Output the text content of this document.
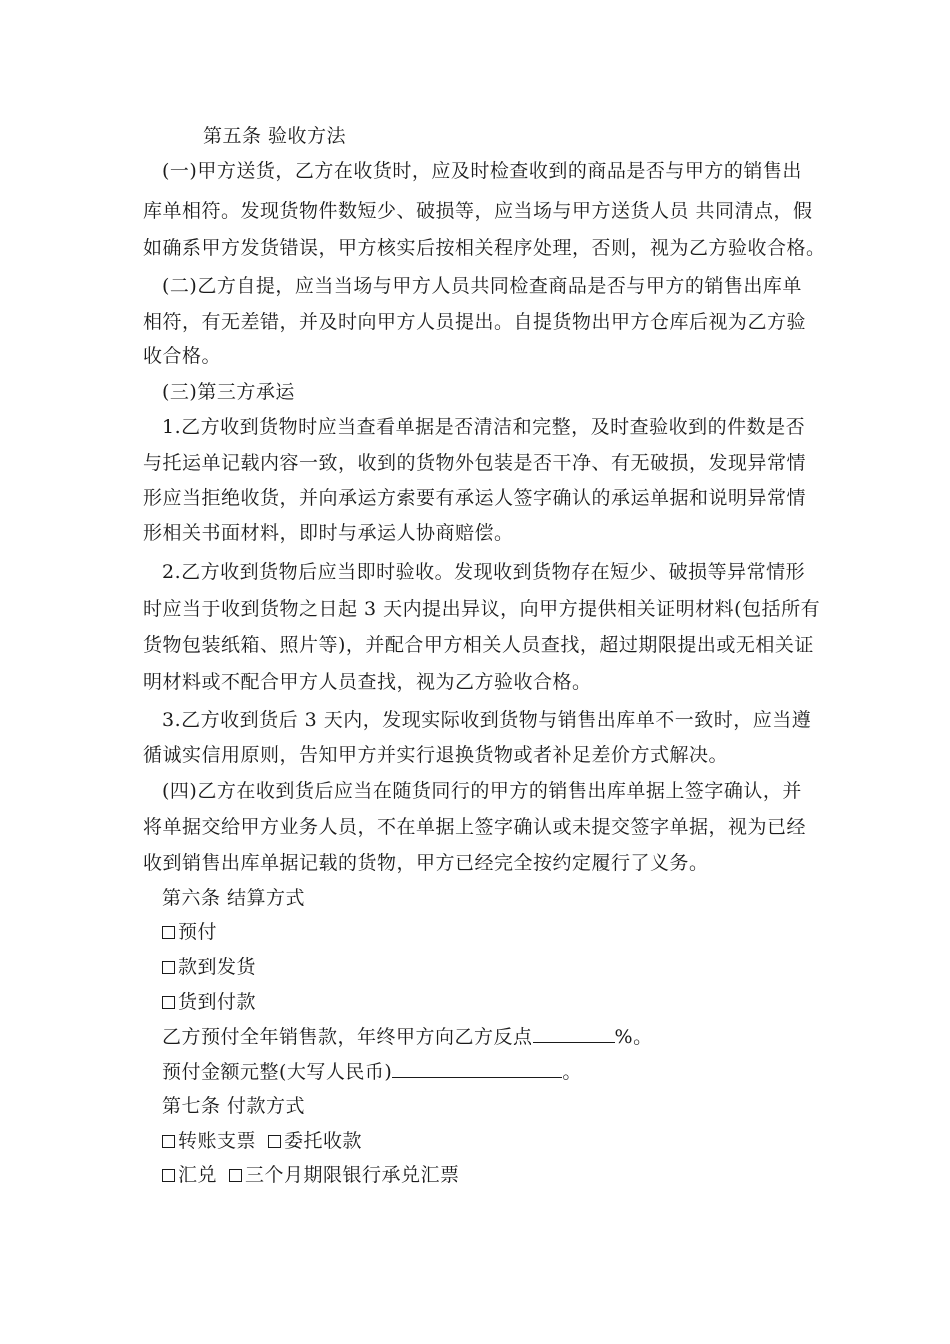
第五条 验收方法
(一)甲方送货，乙方在收货时，应及时检查收到的商品是否与甲方的销售出
库单相符。发现货物件数短少、破损等，应当场与甲方送货人员 共同清点，假
如确系甲方发货错误，甲方核实后按相关程序处理，否则，视为乙方验收合格。
(二)乙方自提，应当当场与甲方人员共同检查商品是否与甲方的销售出库单
相符，有无差错，并及时向甲方人员提出。自提货物出甲方仓库后视为乙方验
收合格。
(三)第三方承运
1.乙方收到货物时应当查看单据是否清洁和完整，及时查验收到的件数是否
与托运单记载内容一致，收到的货物外包装是否干净、有无破损，发现异常情
形应当拒绝收货，并向承运方索要有承运人签字确认的承运单据和说明异常情
形相关书面材料，即时与承运人协商赔偿。
2.乙方收到货物后应当即时验收。发现收到货物存在短少、破损等异常情形
时应当于收到货物之日起 3 天内提出异议，向甲方提供相关证明材料(包括所有
货物包装纸箱、照片等)，并配合甲方相关人员查找，超过期限提出或无相关证
明材料或不配合甲方人员查找，视为乙方验收合格。
3.乙方收到货后 3 天内，发现实际收到货物与销售出库单不一致时，应当遵
循诚实信用原则，告知甲方并实行退换货物或者补足差价方式解决。
(四)乙方在收到货后应当在随货同行的甲方的销售出库单据上签字确认，并
将单据交给甲方业务人员，不在单据上签字确认或未提交签字单据，视为已经
收到销售出库单据记载的货物，甲方已经完全按约定履行了义务。
第六条 结算方式
预付
款到发货
货到付款
乙方预付全年销售款，年终甲方向乙方反点	%。
预付金额元整(大写人民币)	。
第七条 付款方式
转账支票 委托收款
汇兑 三个月期限银行承兑汇票
